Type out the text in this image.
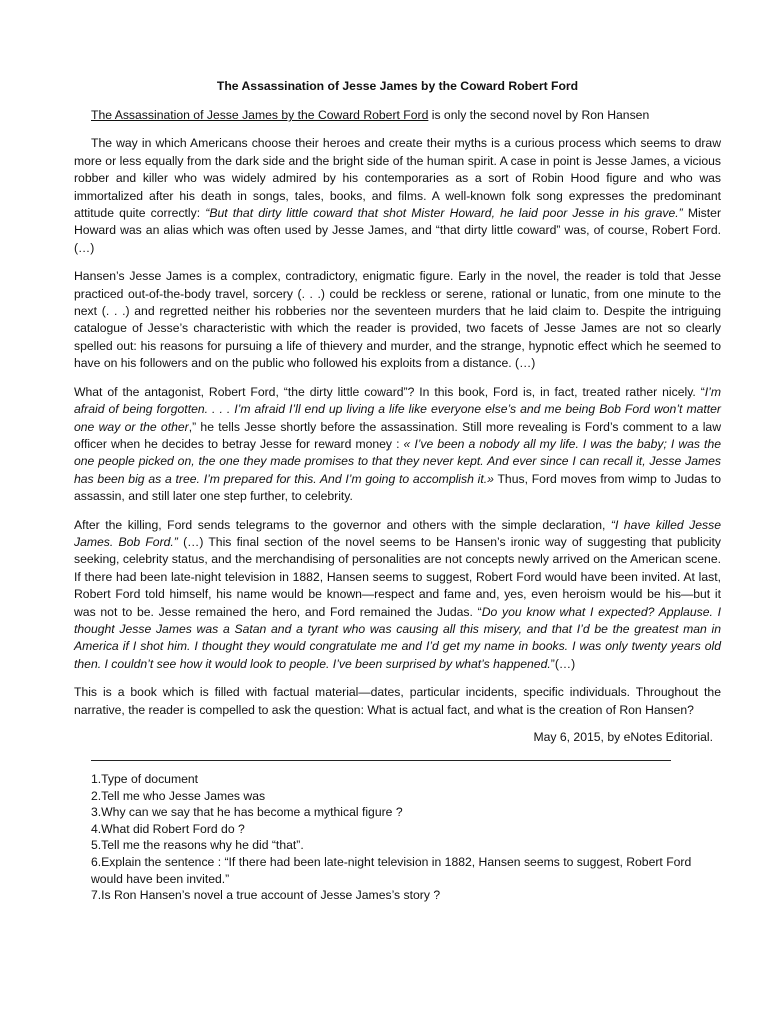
The Assassination of Jesse James by the Coward Robert Ford

The Assassination of Jesse James by the Coward Robert Ford is only the second novel by Ron Hansen

The way in which Americans choose their heroes and create their myths is a curious process which seems to draw more or less equally from the dark side and the bright side of the human spirit. A case in point is Jesse James, a vicious robber and killer who was widely admired by his contemporaries as a sort of Robin Hood figure and who was immortalized after his death in songs, tales, books, and films. A well-known folk song expresses the predominant attitude quite correctly: “But that dirty little coward that shot Mister Howard, he laid poor Jesse in his grave.” Mister Howard was an alias which was often used by Jesse James, and “that dirty little coward” was, of course, Robert Ford.(…)

Hansen’s Jesse James is a complex, contradictory, enigmatic figure. Early in the novel, the reader is told that Jesse practiced out-of-the-body travel, sorcery (. . .) could be reckless or serene, rational or lunatic, from one minute to the next (. . .) and regretted neither his robberies nor the seventeen murders that he laid claim to. Despite the intriguing catalogue of Jesse’s characteristic with which the reader is provided, two facets of Jesse James are not so clearly spelled out: his reasons for pursuing a life of thievery and murder, and the strange, hypnotic effect which he seemed to have on his followers and on the public who followed his exploits from a distance. (…)

What of the antagonist, Robert Ford, “the dirty little coward”? In this book, Ford is, in fact, treated rather nicely. “I’m afraid of being forgotten. . . . I’m afraid I’ll end up living a life like everyone else’s and me being Bob Ford won’t matter one way or the other,” he tells Jesse shortly before the assassination. Still more revealing is Ford’s comment to a law officer when he decides to betray Jesse for reward money : « I’ve been a nobody all my life. I was the baby; I was the one people picked on, the one they made promises to that they never kept. And ever since I can recall it, Jesse James has been big as a tree. I’m prepared for this. And I’m going to accomplish it.» Thus, Ford moves from wimp to Judas to assassin, and still later one step further, to celebrity.

After the killing, Ford sends telegrams to the governor and others with the simple declaration, “I have killed Jesse James. Bob Ford.” (…) This final section of the novel seems to be Hansen’s ironic way of suggesting that publicity seeking, celebrity status, and the merchandising of personalities are not concepts newly arrived on the American scene. If there had been late-night television in 1882, Hansen seems to suggest, Robert Ford would have been invited. At last, Robert Ford told himself, his name would be known—respect and fame and, yes, even heroism would be his—but it was not to be. Jesse remained the hero, and Ford remained the Judas. “Do you know what I expected? Applause. I thought Jesse James was a Satan and a tyrant who was causing all this misery, and that I’d be the greatest man in America if I shot him. I thought they would congratulate me and I’d get my name in books. I was only twenty years old then. I couldn’t see how it would look to people. I’ve been surprised by what’s happened.”(…)

This is a book which is filled with factual material—dates, particular incidents, specific individuals. Throughout the narrative, the reader is compelled to ask the question: What is actual fact, and what is the creation of Ron Hansen?

May 6, 2015, by eNotes Editorial.

1.Type of document

2.Tell me who Jesse James was

3.Why can we say that he has become a mythical figure ?

4.What did Robert Ford do ?

5.Tell me the reasons why he did “that”.

6.Explain the sentence : “If there had been late-night television in 1882, Hansen seems to suggest, Robert Ford would have been invited.”

7.Is Ron Hansen’s novel a true account of Jesse James’s story ?
